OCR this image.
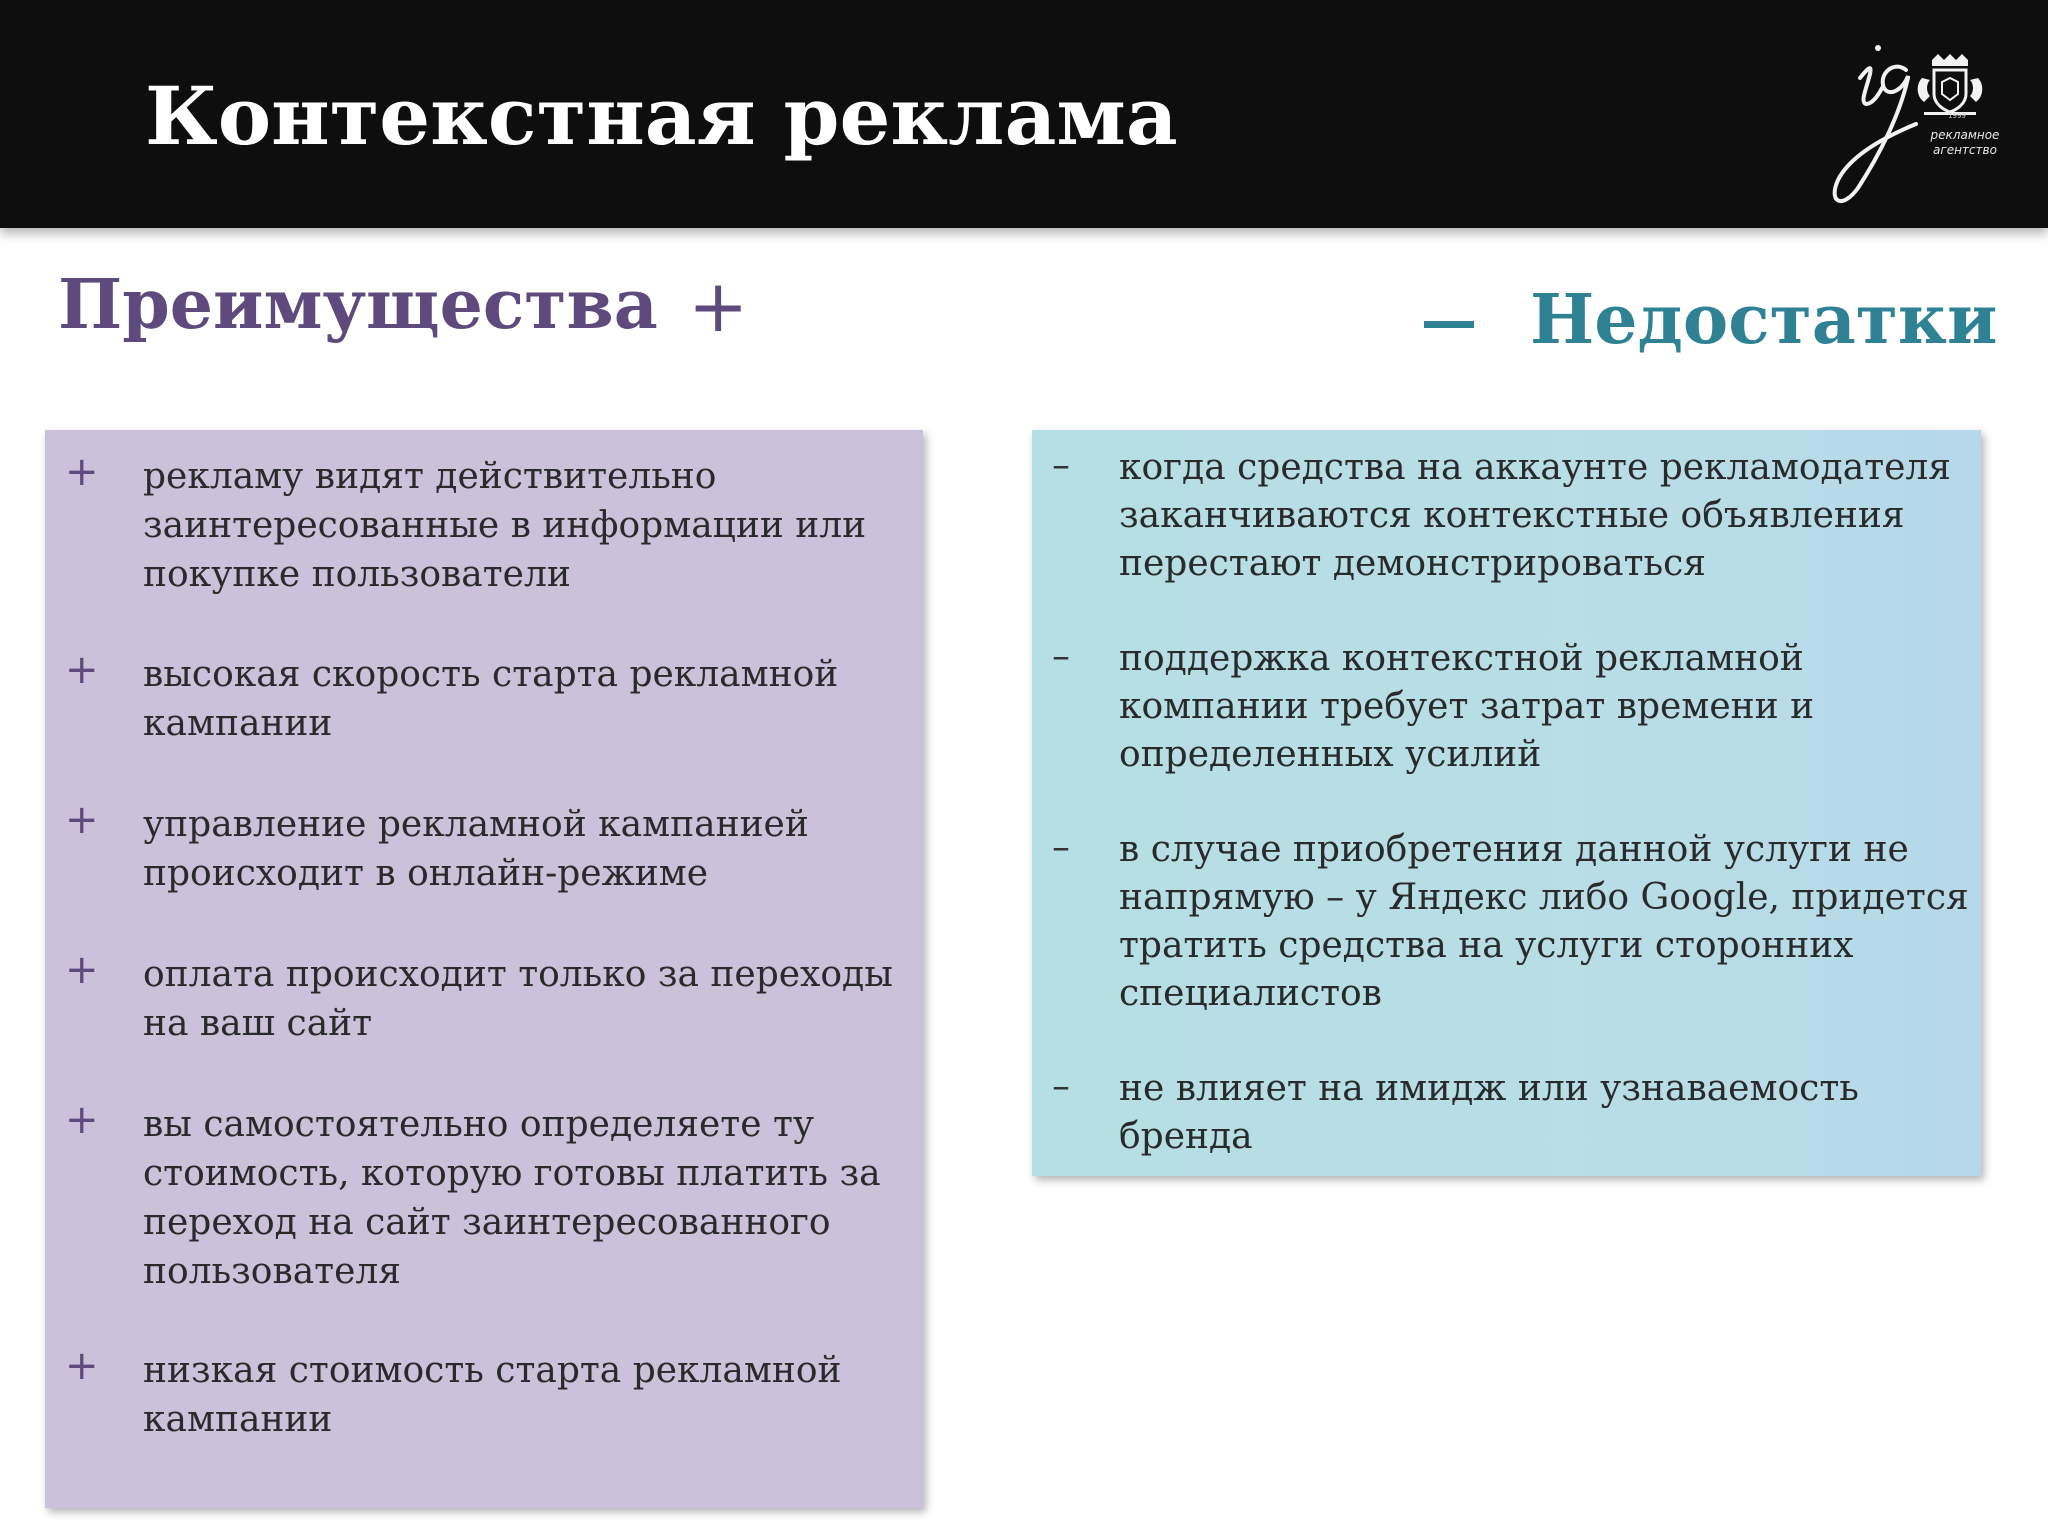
Контекстная реклама	1999
рекламное
агентство
Преимущества +	Недостатки
+ рекламу видят действительно заинтересованные в информации или покупке пользователи
+ высокая скорость старта рекламной кампании
+ управление рекламной кампанией происходит в онлайн-режиме
+ оплата происходит только за переходы на ваш сайт
+ вы самостоятельно определяете ту стоимость, которую готовы платить за переход на сайт заинтересованного пользователя
+ низкая стоимость старта рекламной кампании
– когда средства на аккаунте рекламодателя заканчиваются контекстные объявления перестают демонстрироваться
– поддержка контекстной рекламной компании требует затрат времени и определенных усилий
– в случае приобретения данной услуги не напрямую – у Яндекс либо Google, придется тратить средства на услуги сторонних специалистов
– не влияет на имидж или узнаваемость бренда
